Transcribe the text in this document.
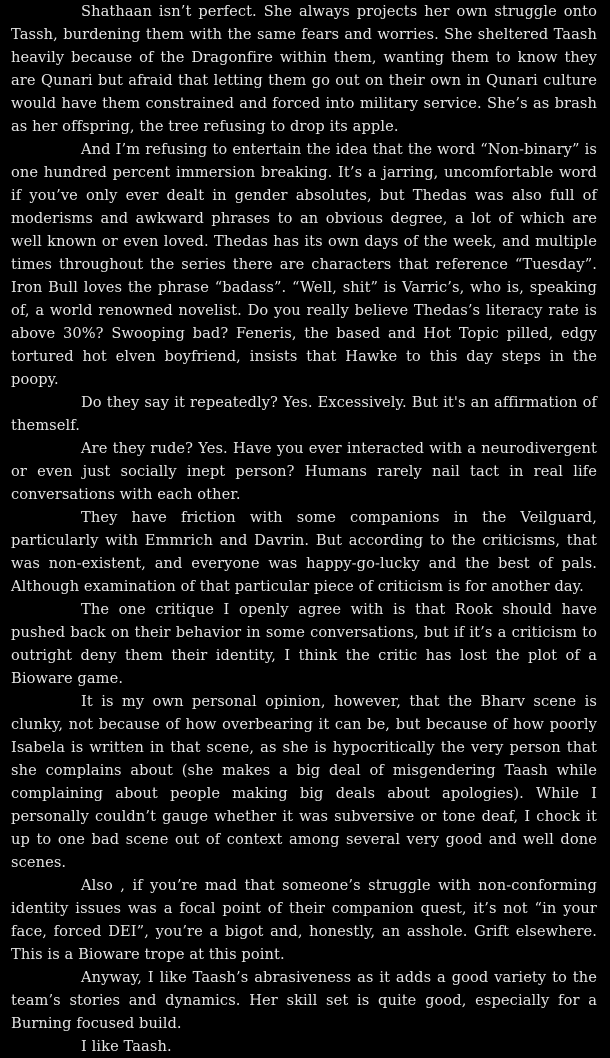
Shathaan isn’t perfect. She always projects her own struggle onto Tassh, burdening them with the same fears and worries. She sheltered Taash heavily because of the Dragonfire within them, wanting them to know they are Qunari but afraid that letting them go out on their own in Qunari culture would have them constrained and forced into military service. She’s as brash as her offspring, the tree refusing to drop its apple.

And I’m refusing to entertain the idea that the word “Non-binary” is one hundred percent immersion breaking. It’s a jarring, uncomfortable word if you’ve only ever dealt in gender absolutes, but Thedas was also full of moderisms and awkward phrases to an obvious degree, a lot of which are well known or even loved. Thedas has its own days of the week, and multiple times throughout the series there are characters that reference “Tuesday”. Iron Bull loves the phrase “badass”. “Well, shit” is Varric’s, who is, speaking of, a world renowned novelist. Do you really believe Thedas’s literacy rate is above 30%? Swooping bad? Feneris, the based and Hot Topic pilled, edgy tortured hot elven boyfriend, insists that Hawke to this day steps in the poopy.

Do they say it repeatedly? Yes. Excessively. But it's an affirmation of themself.

Are they rude? Yes. Have you ever interacted with a neurodivergent or even just socially inept person? Humans rarely nail tact in real life conversations with each other.

They have friction with some companions in the Veilguard, particularly with Emmrich and Davrin. But according to the criticisms, that was non-existent, and everyone was happy-go-lucky and the best of pals. Although examination of that particular piece of criticism is for another day.

The one critique I openly agree with is that Rook should have pushed back on their behavior in some conversations, but if it’s a criticism to outright deny them their identity, I think the critic has lost the plot of a Bioware game.

It is my own personal opinion, however, that the Bharv scene is clunky, not because of how overbearing it can be, but because of how poorly Isabela is written in that scene, as she is hypocritically the very person that she complains about (she makes a big deal of misgendering Taash while complaining about people making big deals about apologies). While I personally couldn’t gauge whether it was subversive or tone deaf, I chock it up to one bad scene out of context among several very good and well done scenes.

Also , if you’re mad that someone’s struggle with non-conforming identity issues was a focal point of their companion quest, it’s not “in your face, forced DEI”, you’re a bigot and, honestly, an asshole. Grift elsewhere. This is a Bioware trope at this point.

Anyway, I like Taash’s abrasiveness as it adds a good variety to the team’s stories and dynamics. Her skill set is quite good, especially for a Burning focused build.

I like Taash.
